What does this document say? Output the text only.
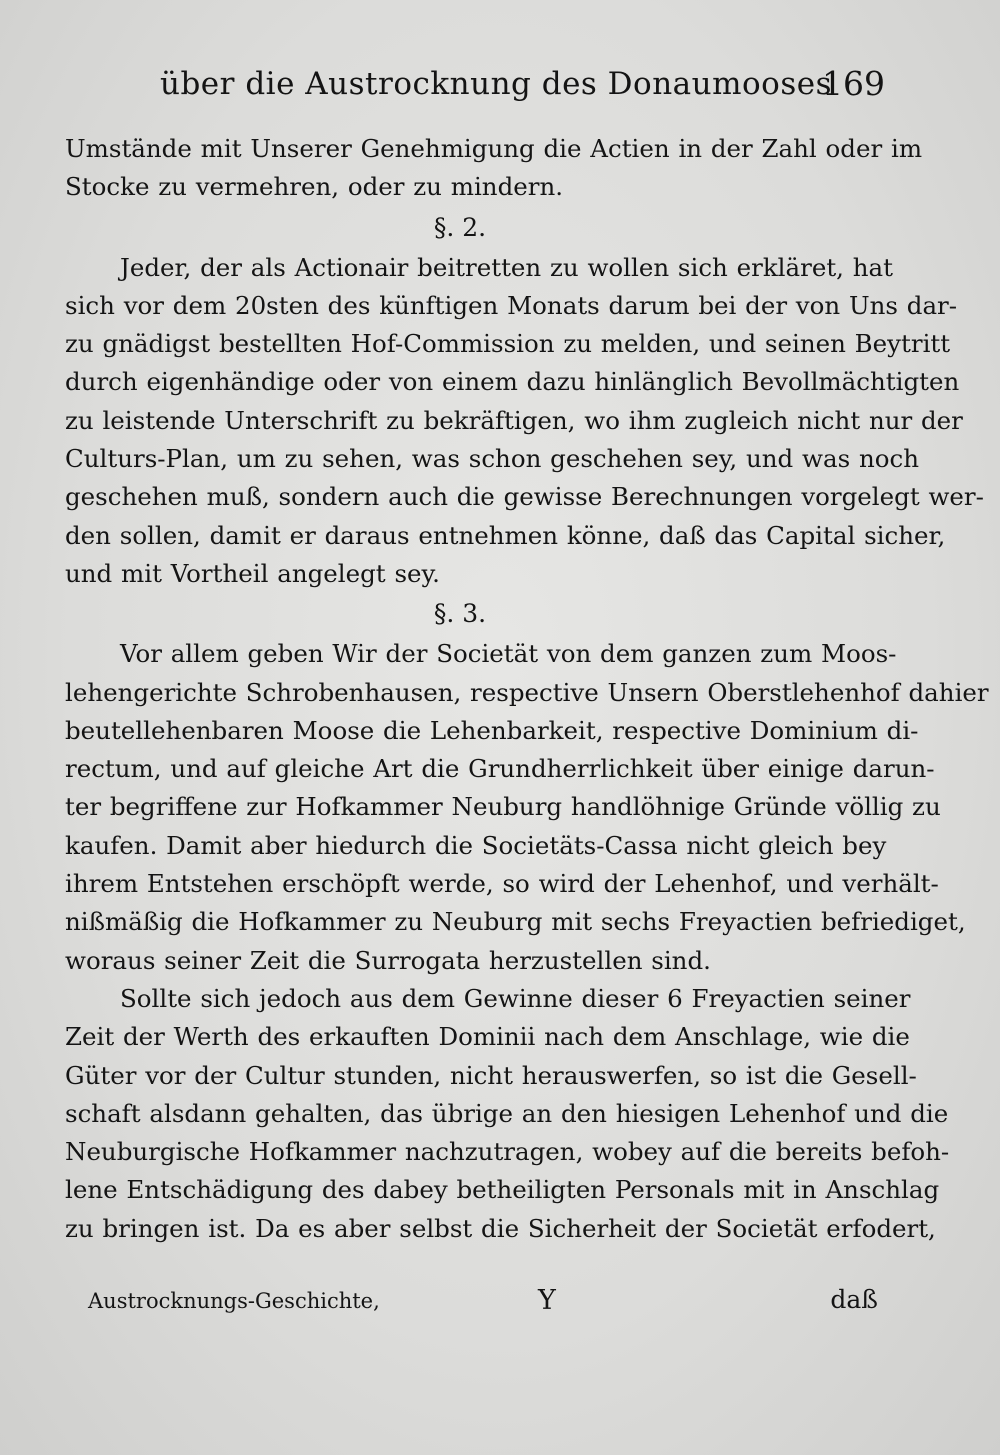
über die Austrocknung des Donaumooses
169
Umstände mit Unserer Genehmigung die Actien in der Zahl oder im
Stocke zu vermehren, oder zu mindern.
§. 2.
Jeder, der als Actionair beitretten zu wollen sich erkläret, hat
sich vor dem 20sten des künftigen Monats darum bei der von Uns dar-
zu gnädigst bestellten Hof-Commission zu melden, und seinen Beytritt
durch eigenhändige oder von einem dazu hinlänglich Bevollmächtigten
zu leistende Unterschrift zu bekräftigen, wo ihm zugleich nicht nur der
Culturs-Plan, um zu sehen, was schon geschehen sey, und was noch
geschehen muß, sondern auch die gewisse Berechnungen vorgelegt wer-
den sollen, damit er daraus entnehmen könne, daß das Capital sicher,
und mit Vortheil angelegt sey.
§. 3.
Vor allem geben Wir der Societät von dem ganzen zum Moos-
lehengerichte Schrobenhausen, respective Unsern Oberstlehenhof dahier
beutellehenbaren Moose die Lehenbarkeit, respective Dominium di-
rectum, und auf gleiche Art die Grundherrlichkeit über einige darun-
ter begriffene zur Hofkammer Neuburg handlöhnige Gründe völlig zu
kaufen. Damit aber hiedurch die Societäts-Cassa nicht gleich bey
ihrem Entstehen erschöpft werde, so wird der Lehenhof, und verhält-
nißmäßig die Hofkammer zu Neuburg mit sechs Freyactien befriediget,
woraus seiner Zeit die Surrogata herzustellen sind.
Sollte sich jedoch aus dem Gewinne dieser 6 Freyactien seiner
Zeit der Werth des erkauften Dominii nach dem Anschlage, wie die
Güter vor der Cultur stunden, nicht herauswerfen, so ist die Gesell-
schaft alsdann gehalten, das übrige an den hiesigen Lehenhof und die
Neuburgische Hofkammer nachzutragen, wobey auf die bereits befoh-
lene Entschädigung des dabey betheiligten Personals mit in Anschlag
zu bringen ist. Da es aber selbst die Sicherheit der Societät erfodert,
Austrocknungs-Geschichte,	Y	daß
